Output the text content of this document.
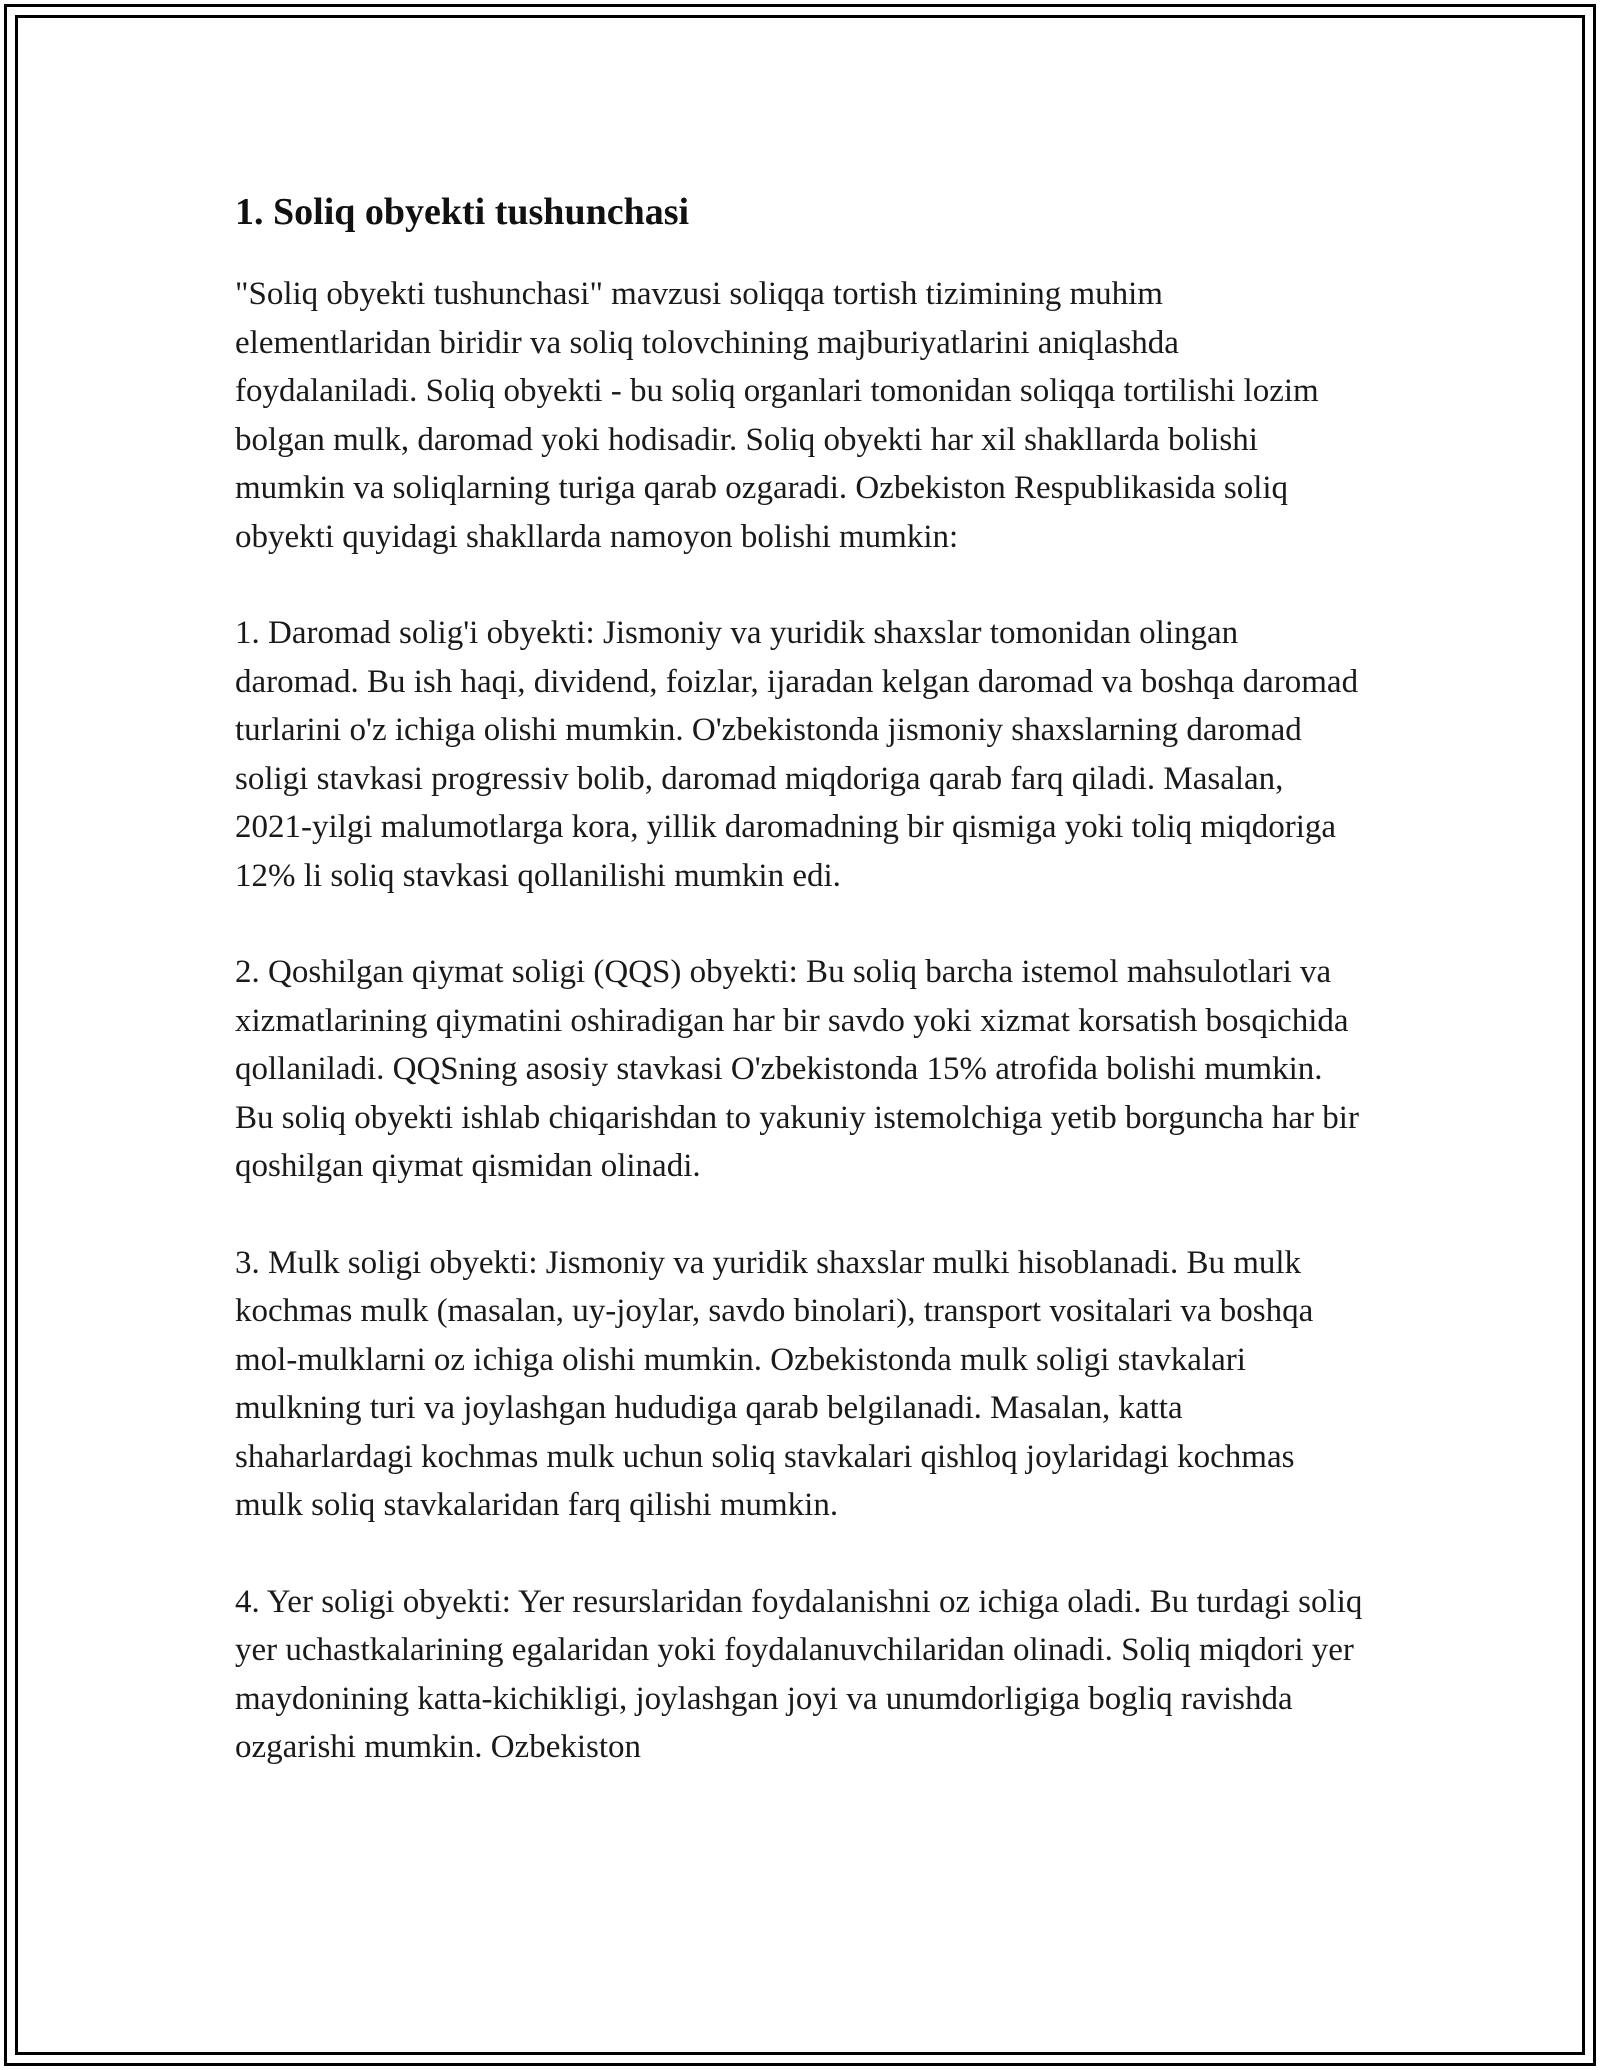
1. Soliq obyekti tushunchasi

"Soliq obyekti tushunchasi" mavzusi soliqqa tortish tizimining muhim elementlaridan biridir va soliq tolovchining majburiyatlarini aniqlashda foydalaniladi. Soliq obyekti - bu soliq organlari tomonidan soliqqa tortilishi lozim bolgan mulk, daromad yoki hodisadir. Soliq obyekti har xil shakllarda bolishi mumkin va soliqlarning turiga qarab ozgaradi. Ozbekiston Respublikasida soliq obyekti quyidagi shakllarda namoyon bolishi mumkin:

1. Daromad solig'i obyekti: Jismoniy va yuridik shaxslar tomonidan olingan daromad. Bu ish haqi, dividend, foizlar, ijaradan kelgan daromad va boshqa daromad turlarini o'z ichiga olishi mumkin. O'zbekistonda jismoniy shaxslarning daromad soligi stavkasi progressiv bolib, daromad miqdoriga qarab farq qiladi. Masalan, 2021-yilgi malumotlarga kora, yillik daromadning bir qismiga yoki toliq miqdoriga 12% li soliq stavkasi qollanilishi mumkin edi.

2. Qoshilgan qiymat soligi (QQS) obyekti: Bu soliq barcha istemol mahsulotlari va xizmatlarining qiymatini oshiradigan har bir savdo yoki xizmat korsatish bosqichida qollaniladi. QQSning asosiy stavkasi O'zbekistonda 15% atrofida bolishi mumkin. Bu soliq obyekti ishlab chiqarishdan to yakuniy istemolchiga yetib borguncha har bir qoshilgan qiymat qismidan olinadi.

3. Mulk soligi obyekti: Jismoniy va yuridik shaxslar mulki hisoblanadi. Bu mulk kochmas mulk (masalan, uy-joylar, savdo binolari), transport vositalari va boshqa mol-mulklarni oz ichiga olishi mumkin. Ozbekistonda mulk soligi stavkalari mulkning turi va joylashgan hududiga qarab belgilanadi. Masalan, katta shaharlardagi kochmas mulk uchun soliq stavkalari qishloq joylaridagi kochmas mulk soliq stavkalaridan farq qilishi mumkin.

4. Yer soligi obyekti: Yer resurslaridan foydalanishni oz ichiga oladi. Bu turdagi soliq yer uchastkalarining egalaridan yoki foydalanuvchilaridan olinadi. Soliq miqdori yer maydonining katta-kichikligi, joylashgan joyi va unumdorligiga bogliq ravishda ozgarishi mumkin. Ozbekiston
